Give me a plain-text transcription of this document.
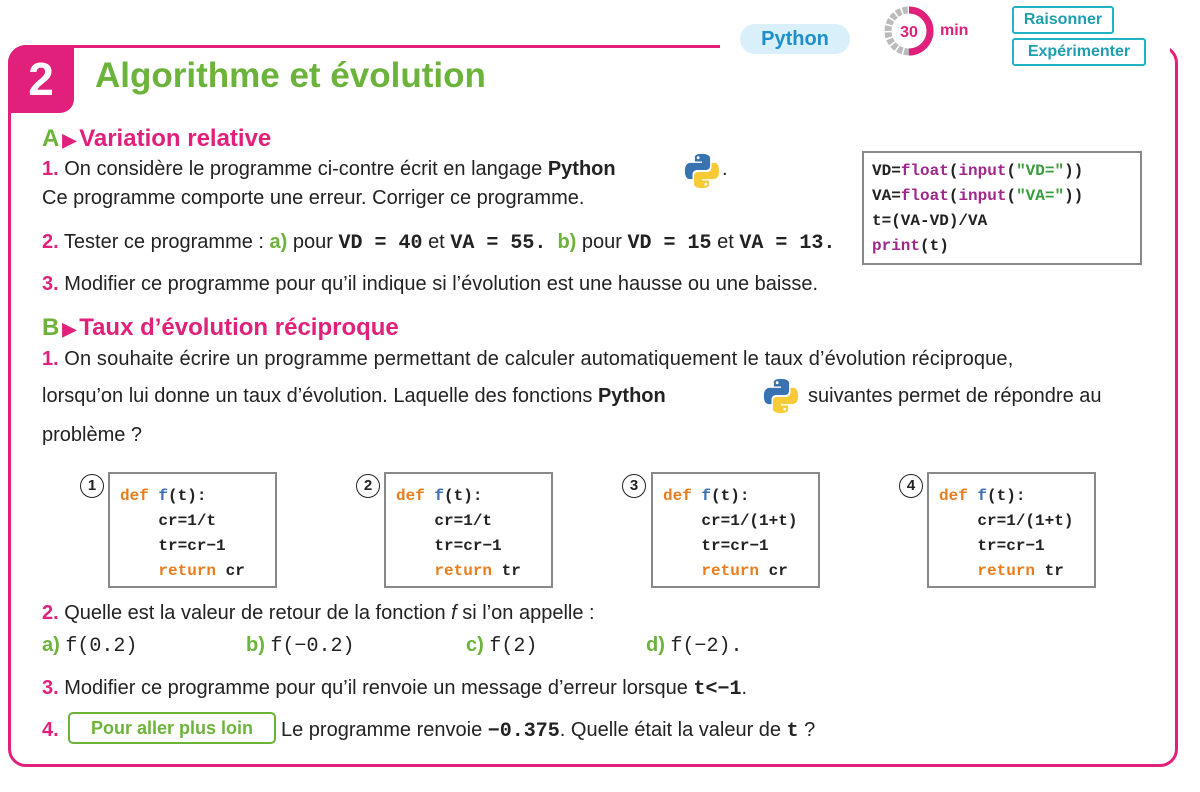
2	Algorithme et évolution
Python	30 min
Raisonner
Expérimenter
A ▶ Variation relative
1. On considère le programme ci-contre écrit en langage Python	.
Ce programme comporte une erreur. Corriger ce programme.
2. Tester ce programme : a) pour VD = 40 et VA = 55. b) pour VD = 15 et VA = 13.
3. Modifier ce programme pour qu’il indique si l’évolution est une hausse ou une baisse.
VD=float(input("VD="))
VA=float(input("VA="))
t=(VA-VD)/VA
print(t)
B ▶ Taux d’évolution réciproque
1. On souhaite écrire un programme permettant de calculer automatiquement le taux d’évolution réciproque,
lorsqu’on lui donne un taux d’évolution. Laquelle des fonctions Python	suivantes permet de répondre au
problème ?
1
def f(t):
cr=1/t
tr=cr−1
return cr
2
def f(t):
cr=1/t
tr=cr−1
return tr
3
def f(t):
cr=1/(1+t)
tr=cr−1
return cr
4
def f(t):
cr=1/(1+t)
tr=cr−1
return tr
2. Quelle est la valeur de retour de la fonction f si l’on appelle :
a) f(0.2)	b) f(−0.2)	c) f(2)	d) f(−2).
3. Modifier ce programme pour qu’il renvoie un message d’erreur lorsque t<−1.
4.	Pour aller plus loin	Le programme renvoie −0.375. Quelle était la valeur de t ?
